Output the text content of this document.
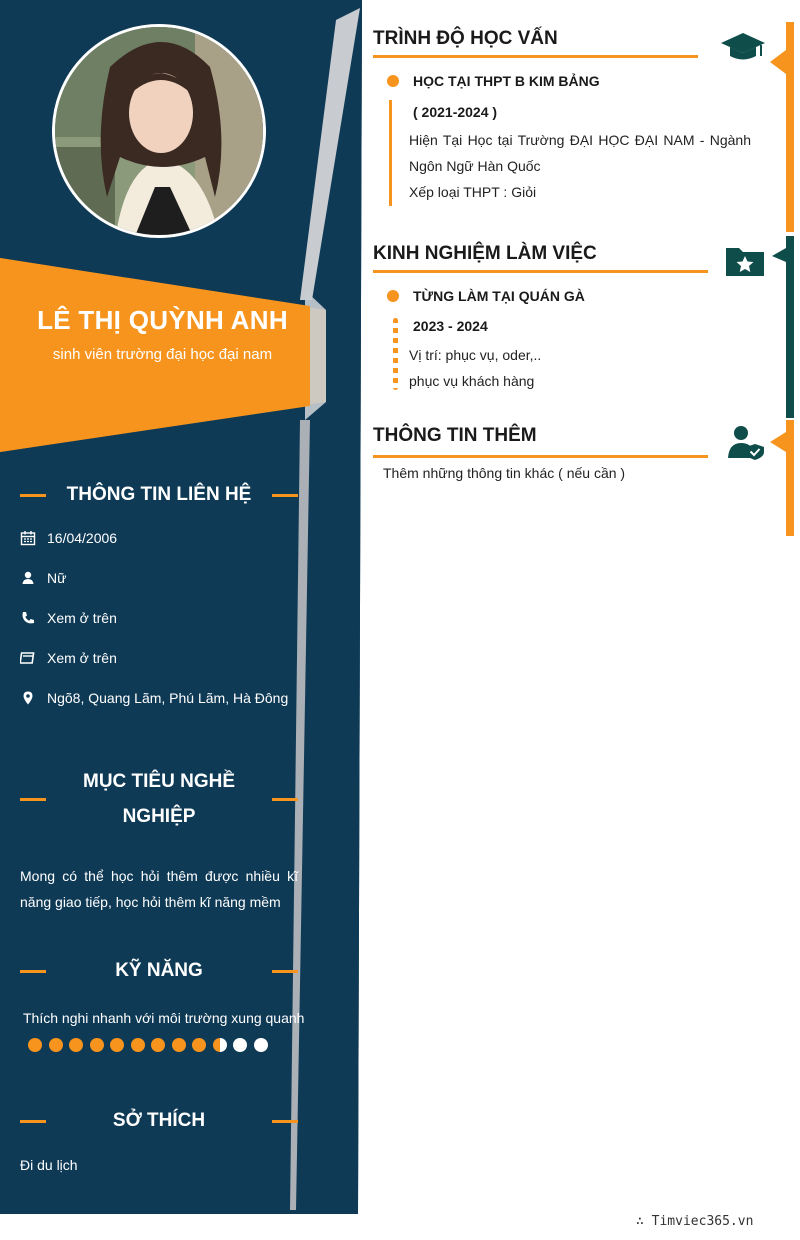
LÊ THỊ QUỲNH ANH
sinh viên trường đại học đại nam
THÔNG TIN LIÊN HỆ
16/04/2006
Nữ
Xem ở trên
Xem ở trên
Ngõ8, Quang Lãm, Phú Lãm, Hà Đông
MỤC TIÊU NGHỀ
NGHIỆP
Mong có thể học hỏi thêm được nhiều kĩ năng giao tiếp, học hỏi thêm kĩ năng mềm
KỸ NĂNG
Thích nghi nhanh với môi trường xung quanh
SỞ THÍCH
Đi du lịch
TRÌNH ĐỘ HỌC VẤN
HỌC TẠI THPT B KIM BẢNG
( 2021-2024 )
Hiện Tại Học tại Trường ĐẠI HỌC ĐẠI NAM - Ngành
Ngôn Ngữ Hàn Quốc
Xếp loại THPT : Giỏi
KINH NGHIỆM LÀM VIỆC
TỪNG LÀM TẠI QUÁN GÀ
2023 - 2024
Vị trí: phục vụ, oder,..
phục vụ khách hàng
THÔNG TIN THÊM
Thêm những thông tin khác ( nếu cần )
∴ Timviec365.vn
